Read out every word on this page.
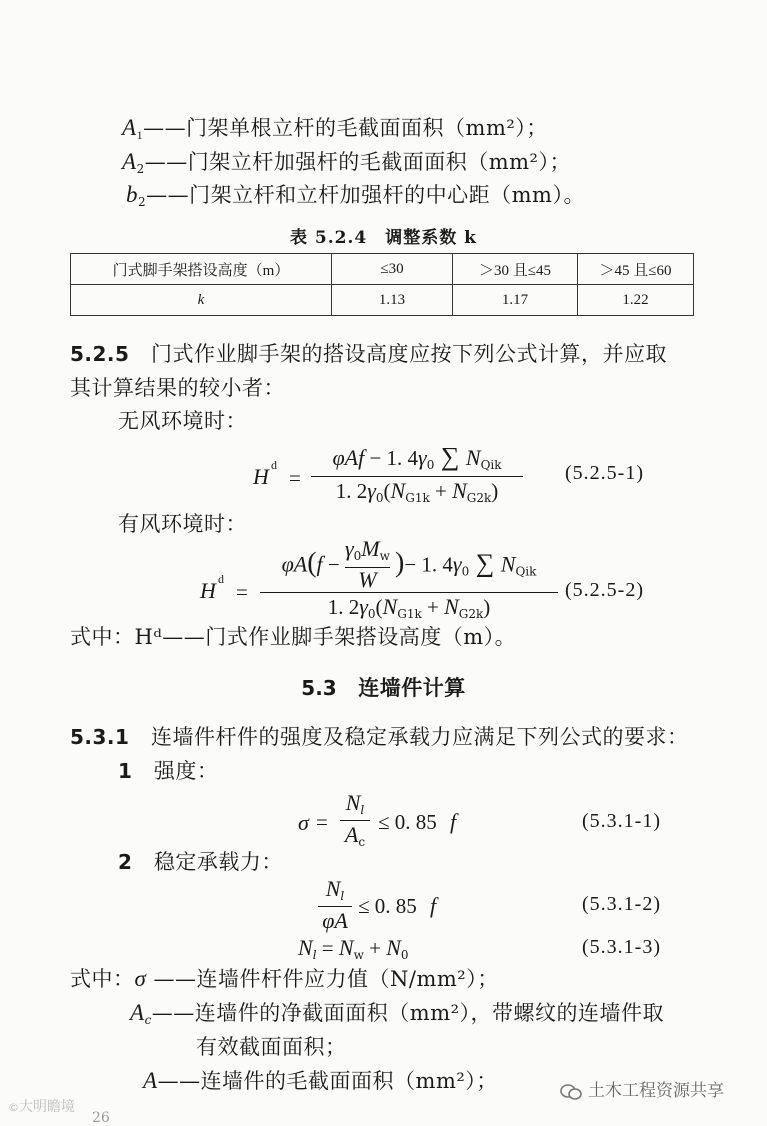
$A_1——$门架单根立杆的毛截面面积（mm²）；
A2——门架立杆加强杆的毛截面面积（mm²）；
b2——门架立杆和立杆加强杆的中心距（mm）。
表 5.2.4　调整系数 k
门式脚手架搭设高度（m）	≤30	＞30 且≤45	＞45 且≤60
k	1.13	1.17	1.22
5.2.5　 门式作业脚手架的搭设高度应按下列公式计算，并应取
其计算结果的较小者：
无风环境时：
H d
=
φAf − 1. $4\gamma_0$ ∑ $N_{Qik}$
1. $2\gamma_0(N_{G1k} + N_{G2k})$
(5.2.5-1)
有风环境时：
H d
=
φA(f −
$\gamma_0M_w$
W
)− 1. $4\gamma_0$ ∑ $N_{Qik}$
1. $2\gamma_0(N_{G1k} + N_{G2k})$
(5.2.5-2)
式中：Hᵈ——门式作业脚手架搭设高度（m）。
5.3　 连墙件计算
5.3.1　 连墙件杆件的强度及稳定承载力应满足下列公式的要求：
1　 强度：
σ =
$N_l$
$A_c$
≤ 0. 85 f	(5.3.1-1)
2　 稳定承载力：
$N_l$
φA
≤ 0. 85 f	(5.3.1-2)
$N_l = N_w + N_0$	(5.3.1-3)
式中：σ ——连墙件杆件应力值（N/mm²）；
Ac——连墙件的净截面面积（mm²），带螺纹的连墙件取
有效截面面积；
A——连墙件的毛截面面积（mm²）；	土木工程资源共享
©大明瞻境
26
